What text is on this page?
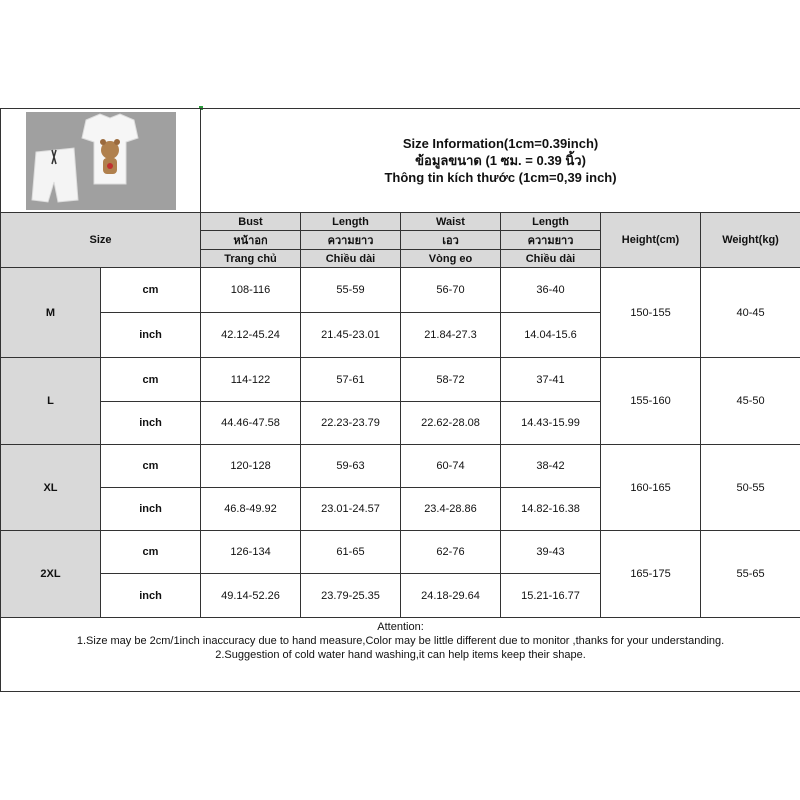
Size Information(1cm=0.39inch)
ข้อมูลขนาด (1 ซม. = 0.39 นิ้ว)
Thông tin kích thước (1cm=0,39 inch)					

Size		Bust	Length	Waist	Length	Height(cm)	Weight(kg)
		หน้าอก	ความยาว	เอว	ความยาว		
		Trang chủ	Chiều dài	Vòng eo	Chiều dài		
M	cm	108-116	55-59	56-70	36-40	150-155	40-45
	inch	42.12-45.24	21.45-23.01	21.84-27.3	14.04-15.6		
L	cm	114-122	57-61	58-72	37-41	155-160	45-50
	inch	44.46-47.58	22.23-23.79	22.62-28.08	14.43-15.99		
XL	cm	120-128	59-63	60-74	38-42	160-165	50-55
	inch	46.8-49.92	23.01-24.57	23.4-28.86	14.82-16.38		
2XL	cm	126-134	61-65	62-76	39-43	165-175	55-65
	inch	49.14-52.26	23.79-25.35	24.18-29.64	15.21-16.77		

Attention:
1.Size may be 2cm/1inch inaccuracy due to hand measure,Color may be little different due to monitor ,thanks for your understanding.
2.Suggestion of cold water hand washing,it can help items keep their shape.							
